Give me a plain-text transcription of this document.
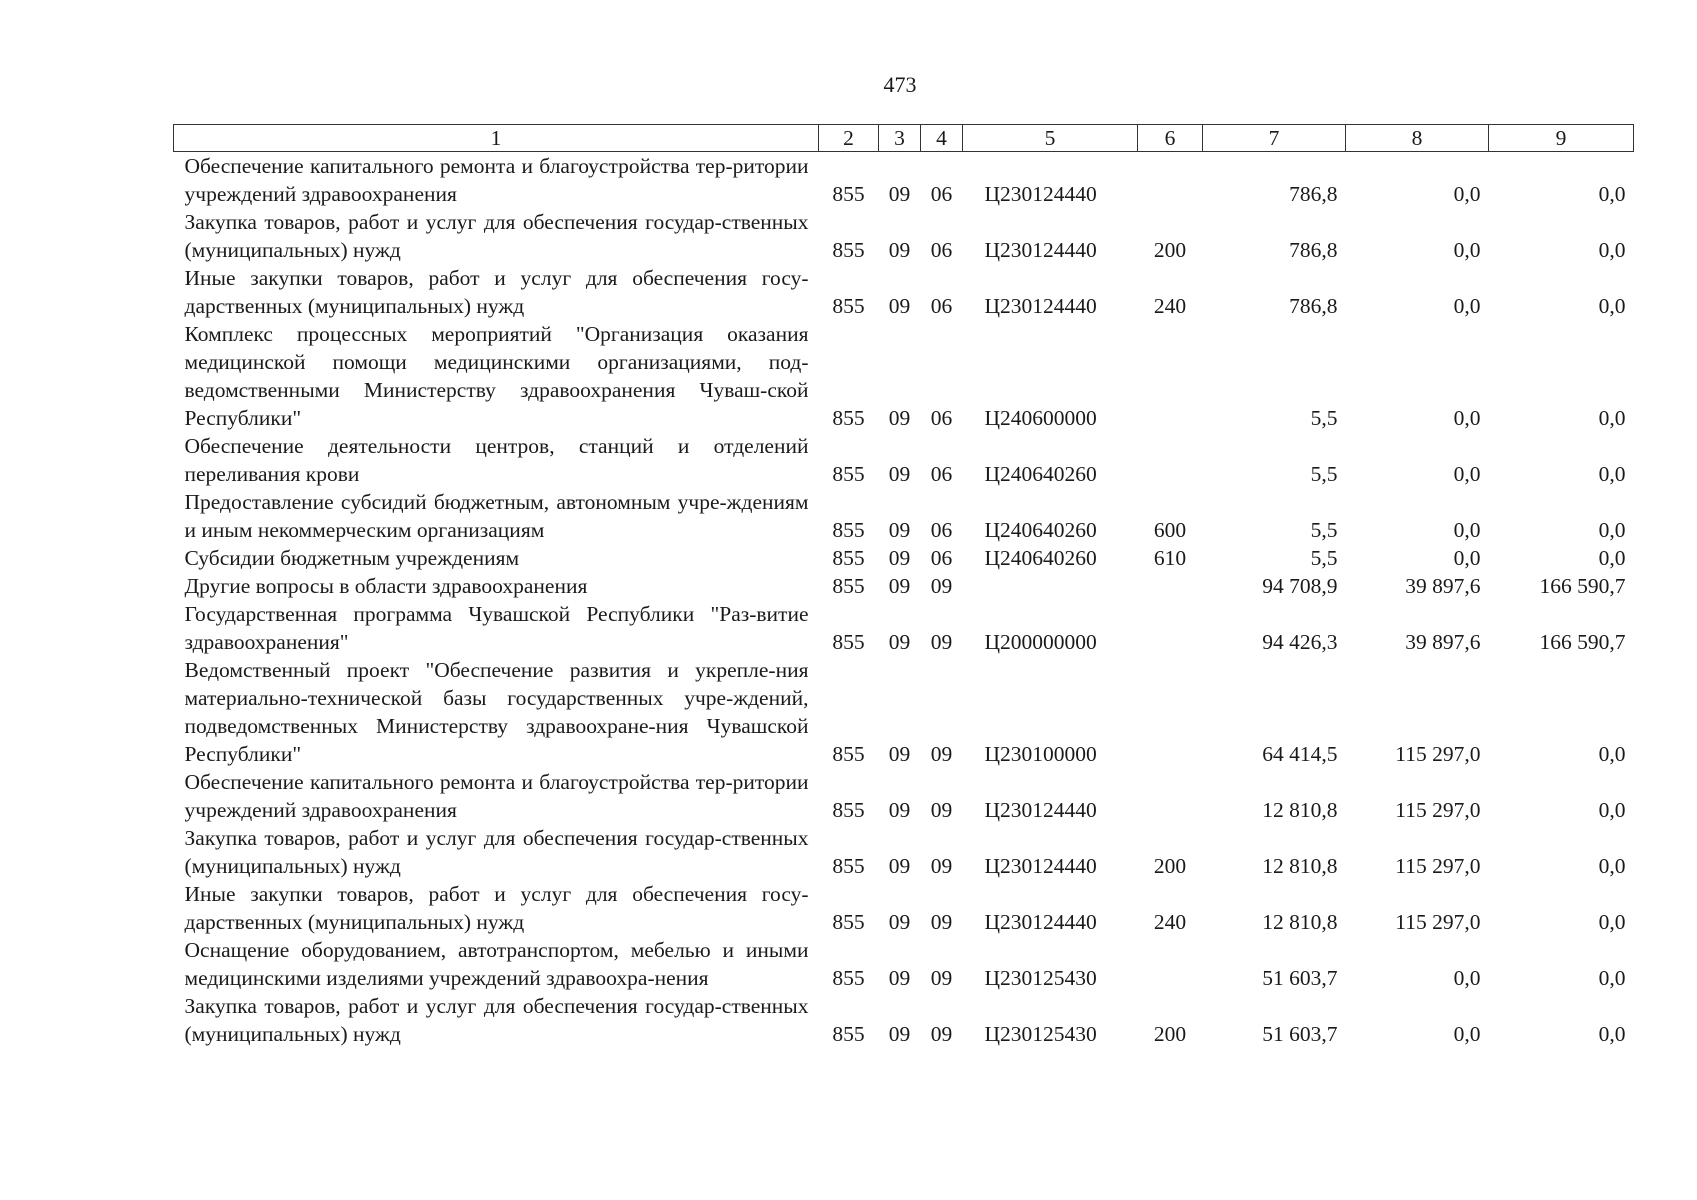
473
1	2	3	4	5	6	7	8	9
Обеспечение капитального ремонта и благоустройства тер-ритории учреждений здравоохранения	855	09	06	Ц230124440		786,8	0,0	0,0
Закупка товаров, работ и услуг для обеспечения государ-ственных (муниципальных) нужд	855	09	06	Ц230124440	200	786,8	0,0	0,0
Иные закупки товаров, работ и услуг для обеспечения госу-дарственных (муниципальных) нужд	855	09	06	Ц230124440	240	786,8	0,0	0,0
Комплекс процессных мероприятий "Организация оказания медицинской помощи медицинскими организациями, под-ведомственными Министерству здравоохранения Чуваш-ской Республики"	855	09	06	Ц240600000		5,5	0,0	0,0
Обеспечение деятельности центров, станций и отделений переливания крови	855	09	06	Ц240640260		5,5	0,0	0,0
Предоставление субсидий бюджетным, автономным учре-ждениям и иным некоммерческим организациям	855	09	06	Ц240640260	600	5,5	0,0	0,0
Субсидии бюджетным учреждениям	855	09	06	Ц240640260	610	5,5	0,0	0,0
Другие вопросы в области здравоохранения	855	09	09			94 708,9	39 897,6	166 590,7
Государственная программа Чувашской Республики "Раз-витие здравоохранения"	855	09	09	Ц200000000		94 426,3	39 897,6	166 590,7
Ведомственный проект "Обеспечение развития и укрепле-ния материально-технической базы государственных учре-ждений, подведомственных Министерству здравоохране-ния Чувашской Республики"	855	09	09	Ц230100000		64 414,5	115 297,0	0,0
Обеспечение капитального ремонта и благоустройства тер-ритории учреждений здравоохранения	855	09	09	Ц230124440		12 810,8	115 297,0	0,0
Закупка товаров, работ и услуг для обеспечения государ-ственных (муниципальных) нужд	855	09	09	Ц230124440	200	12 810,8	115 297,0	0,0
Иные закупки товаров, работ и услуг для обеспечения госу-дарственных (муниципальных) нужд	855	09	09	Ц230124440	240	12 810,8	115 297,0	0,0
Оснащение оборудованием, автотранспортом, мебелью и иными медицинскими изделиями учреждений здравоохра-нения	855	09	09	Ц230125430		51 603,7	0,0	0,0
Закупка товаров, работ и услуг для обеспечения государ-ственных (муниципальных) нужд	855	09	09	Ц230125430	200	51 603,7	0,0	0,0
